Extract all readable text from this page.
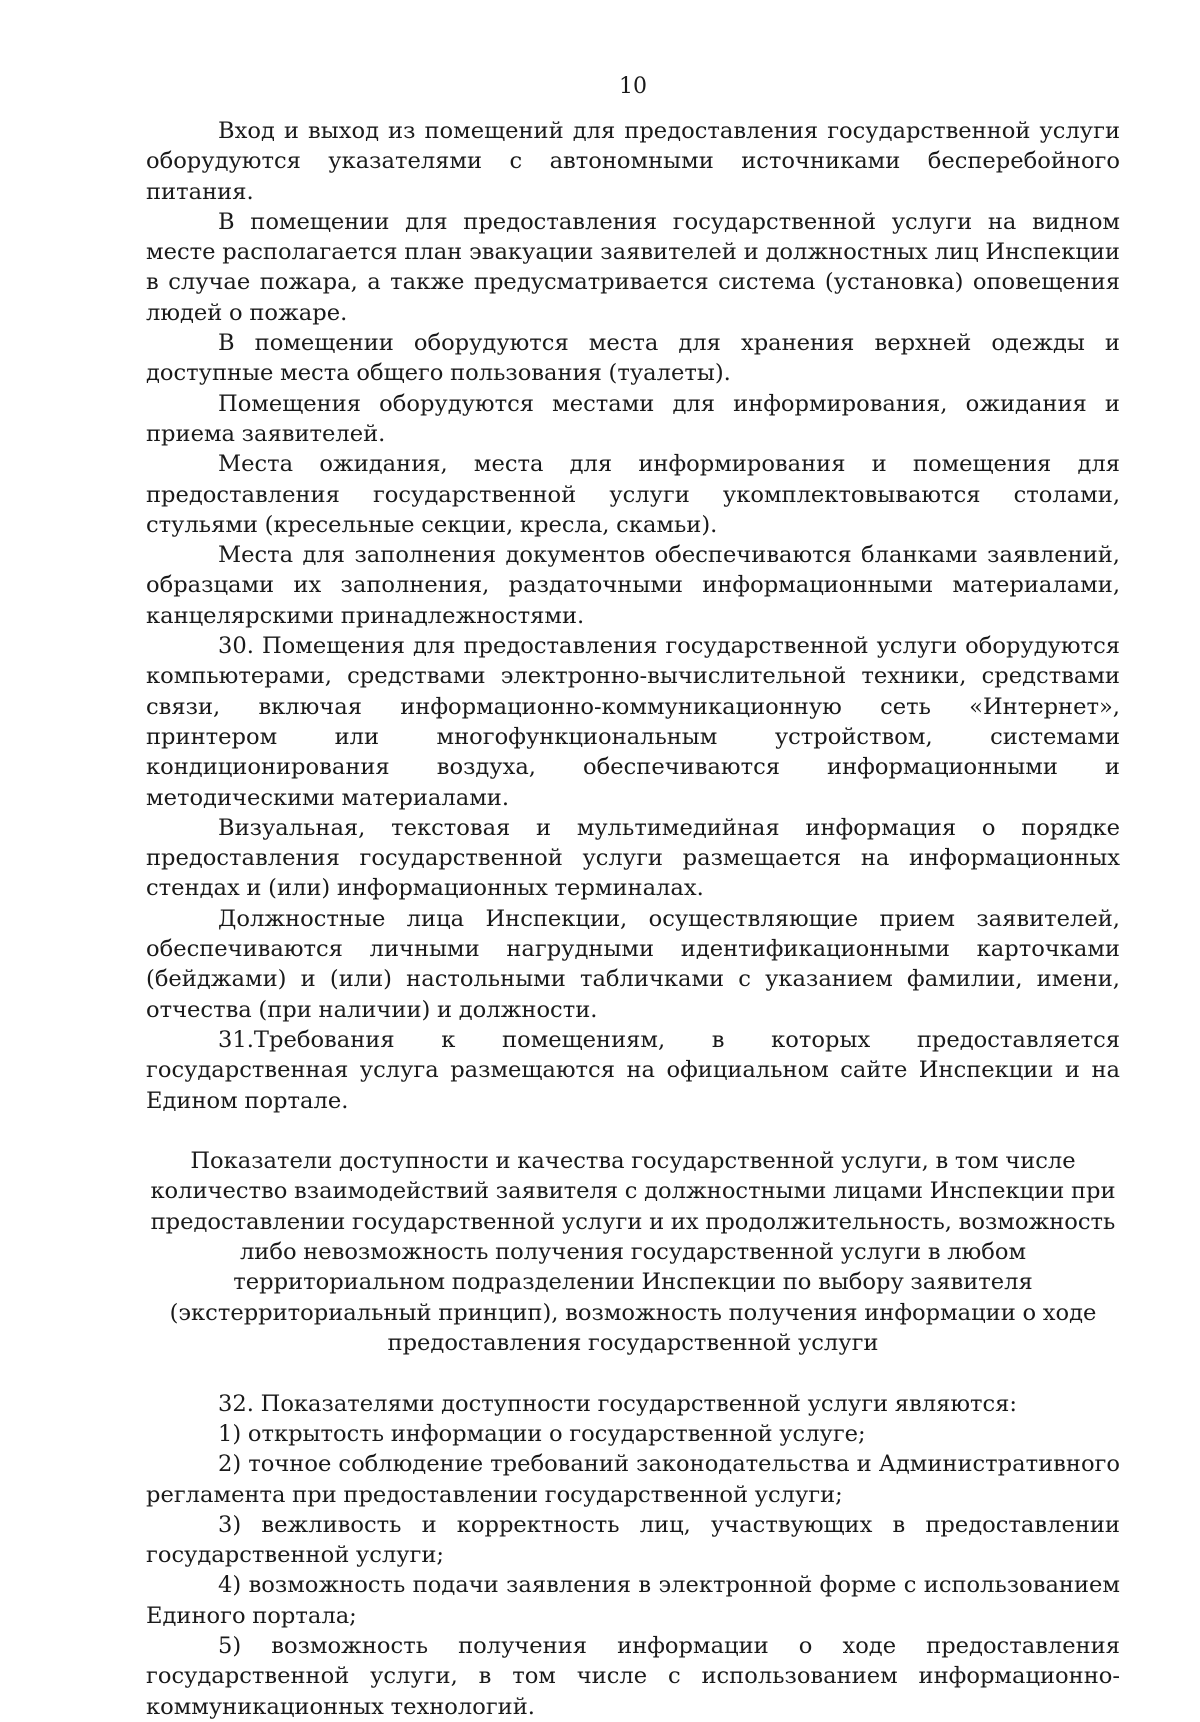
10

Вход и выход из помещений для предоставления государственной услуги оборудуются указателями с автономными источниками бесперебойного питания.

В помещении для предоставления государственной услуги на видном месте располагается план эвакуации заявителей и должностных лиц Инспекции в случае пожара, а также предусматривается система (установка) оповещения людей о пожаре.

В помещении оборудуются места для хранения верхней одежды и доступные места общего пользования (туалеты).

Помещения оборудуются местами для информирования, ожидания и приема заявителей.

Места ожидания, места для информирования и помещения для предоставления государственной услуги укомплектовываются столами, стульями (кресельные секции, кресла, скамьи).

Места для заполнения документов обеспечиваются бланками заявлений, образцами их заполнения, раздаточными информационными материалами, канцелярскими принадлежностями.

30. Помещения для предоставления государственной услуги оборудуются компьютерами, средствами электронно-вычислительной техники, средствами связи, включая информационно-коммуникационную сеть «Интернет», принтером или многофункциональным устройством, системами кондиционирования воздуха, обеспечиваются информационными и методическими материалами.

Визуальная, текстовая и мультимедийная информация о порядке предоставления государственной услуги размещается на информационных стендах и (или) информационных терминалах.

Должностные лица Инспекции, осуществляющие прием заявителей, обеспечиваются личными нагрудными идентификационными карточками (бейджами) и (или) настольными табличками с указанием фамилии, имени, отчества (при наличии) и должности.

31.Требования к помещениям, в которых предоставляется государственная услуга размещаются на официальном сайте Инспекции и на Едином портале.

Показатели доступности и качества государственной услуги, в том числе количество взаимодействий заявителя с должностными лицами Инспекции при предоставлении государственной услуги и их продолжительность, возможность либо невозможность получения государственной услуги в любом территориальном подразделении Инспекции по выбору заявителя (экстерриториальный принцип), возможность получения информации о ходе предоставления государственной услуги

32. Показателями доступности государственной услуги являются:

1) открытость информации о государственной услуге;

2) точное соблюдение требований законодательства и Административного регламента при предоставлении государственной услуги;

3) вежливость и корректность лиц, участвующих в предоставлении государственной услуги;

4) возможность подачи заявления в электронной форме с использованием Единого портала;

5) возможность получения информации о ходе предоставления государственной услуги, в том числе с использованием информационно-коммуникационных технологий.
